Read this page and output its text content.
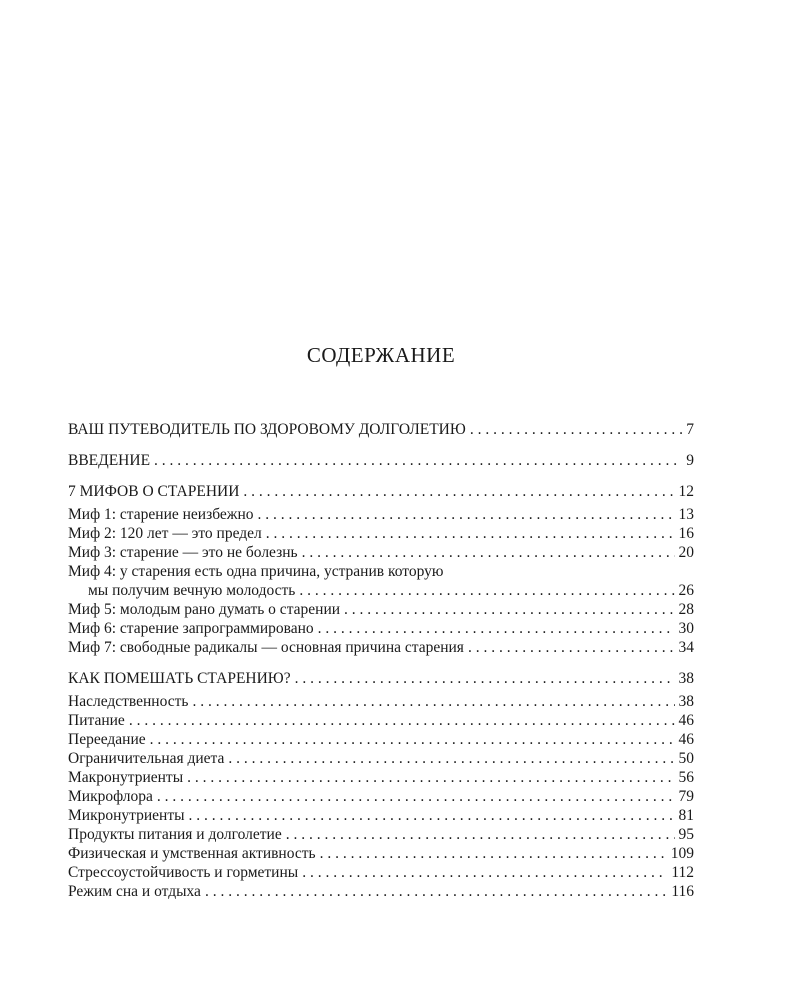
СОДЕРЖАНИЕ
ВАШ ПУТЕВОДИТЕЛЬ ПО ЗДОРОВОМУ ДОЛГОЛЕТИЮ . . .	7
ВВЕДЕНИЕ . . .	9
7 МИФОВ О СТАРЕНИИ . . .	12
Миф 1: старение неизбежно . . .	13
Миф 2: 120 лет — это предел . . .	16
Миф 3: старение — это не болезнь . . .	20
Миф 4: у старения есть одна причина, устранив которую
мы получим вечную молодость . . .	26
Миф 5: молодым рано думать о старении . . .	28
Миф 6: старение запрограммировано . . .	30
Миф 7: свободные радикалы — основная причина старения . . .	34
КАК ПОМЕШАТЬ СТАРЕНИЮ? . . .	38
Наследственность . . .	38
Питание . . .	46
Переедание . . .	46
Ограничительная диета . . .	50
Макронутриенты . . .	56
Микрофлора . . .	79
Микронутриенты . . .	81
Продукты питания и долголетие . . .	95
Физическая и умственная активность . . .	109
Стрессоустойчивость и горметины . . .	112
Режим сна и отдыха . . .	116
